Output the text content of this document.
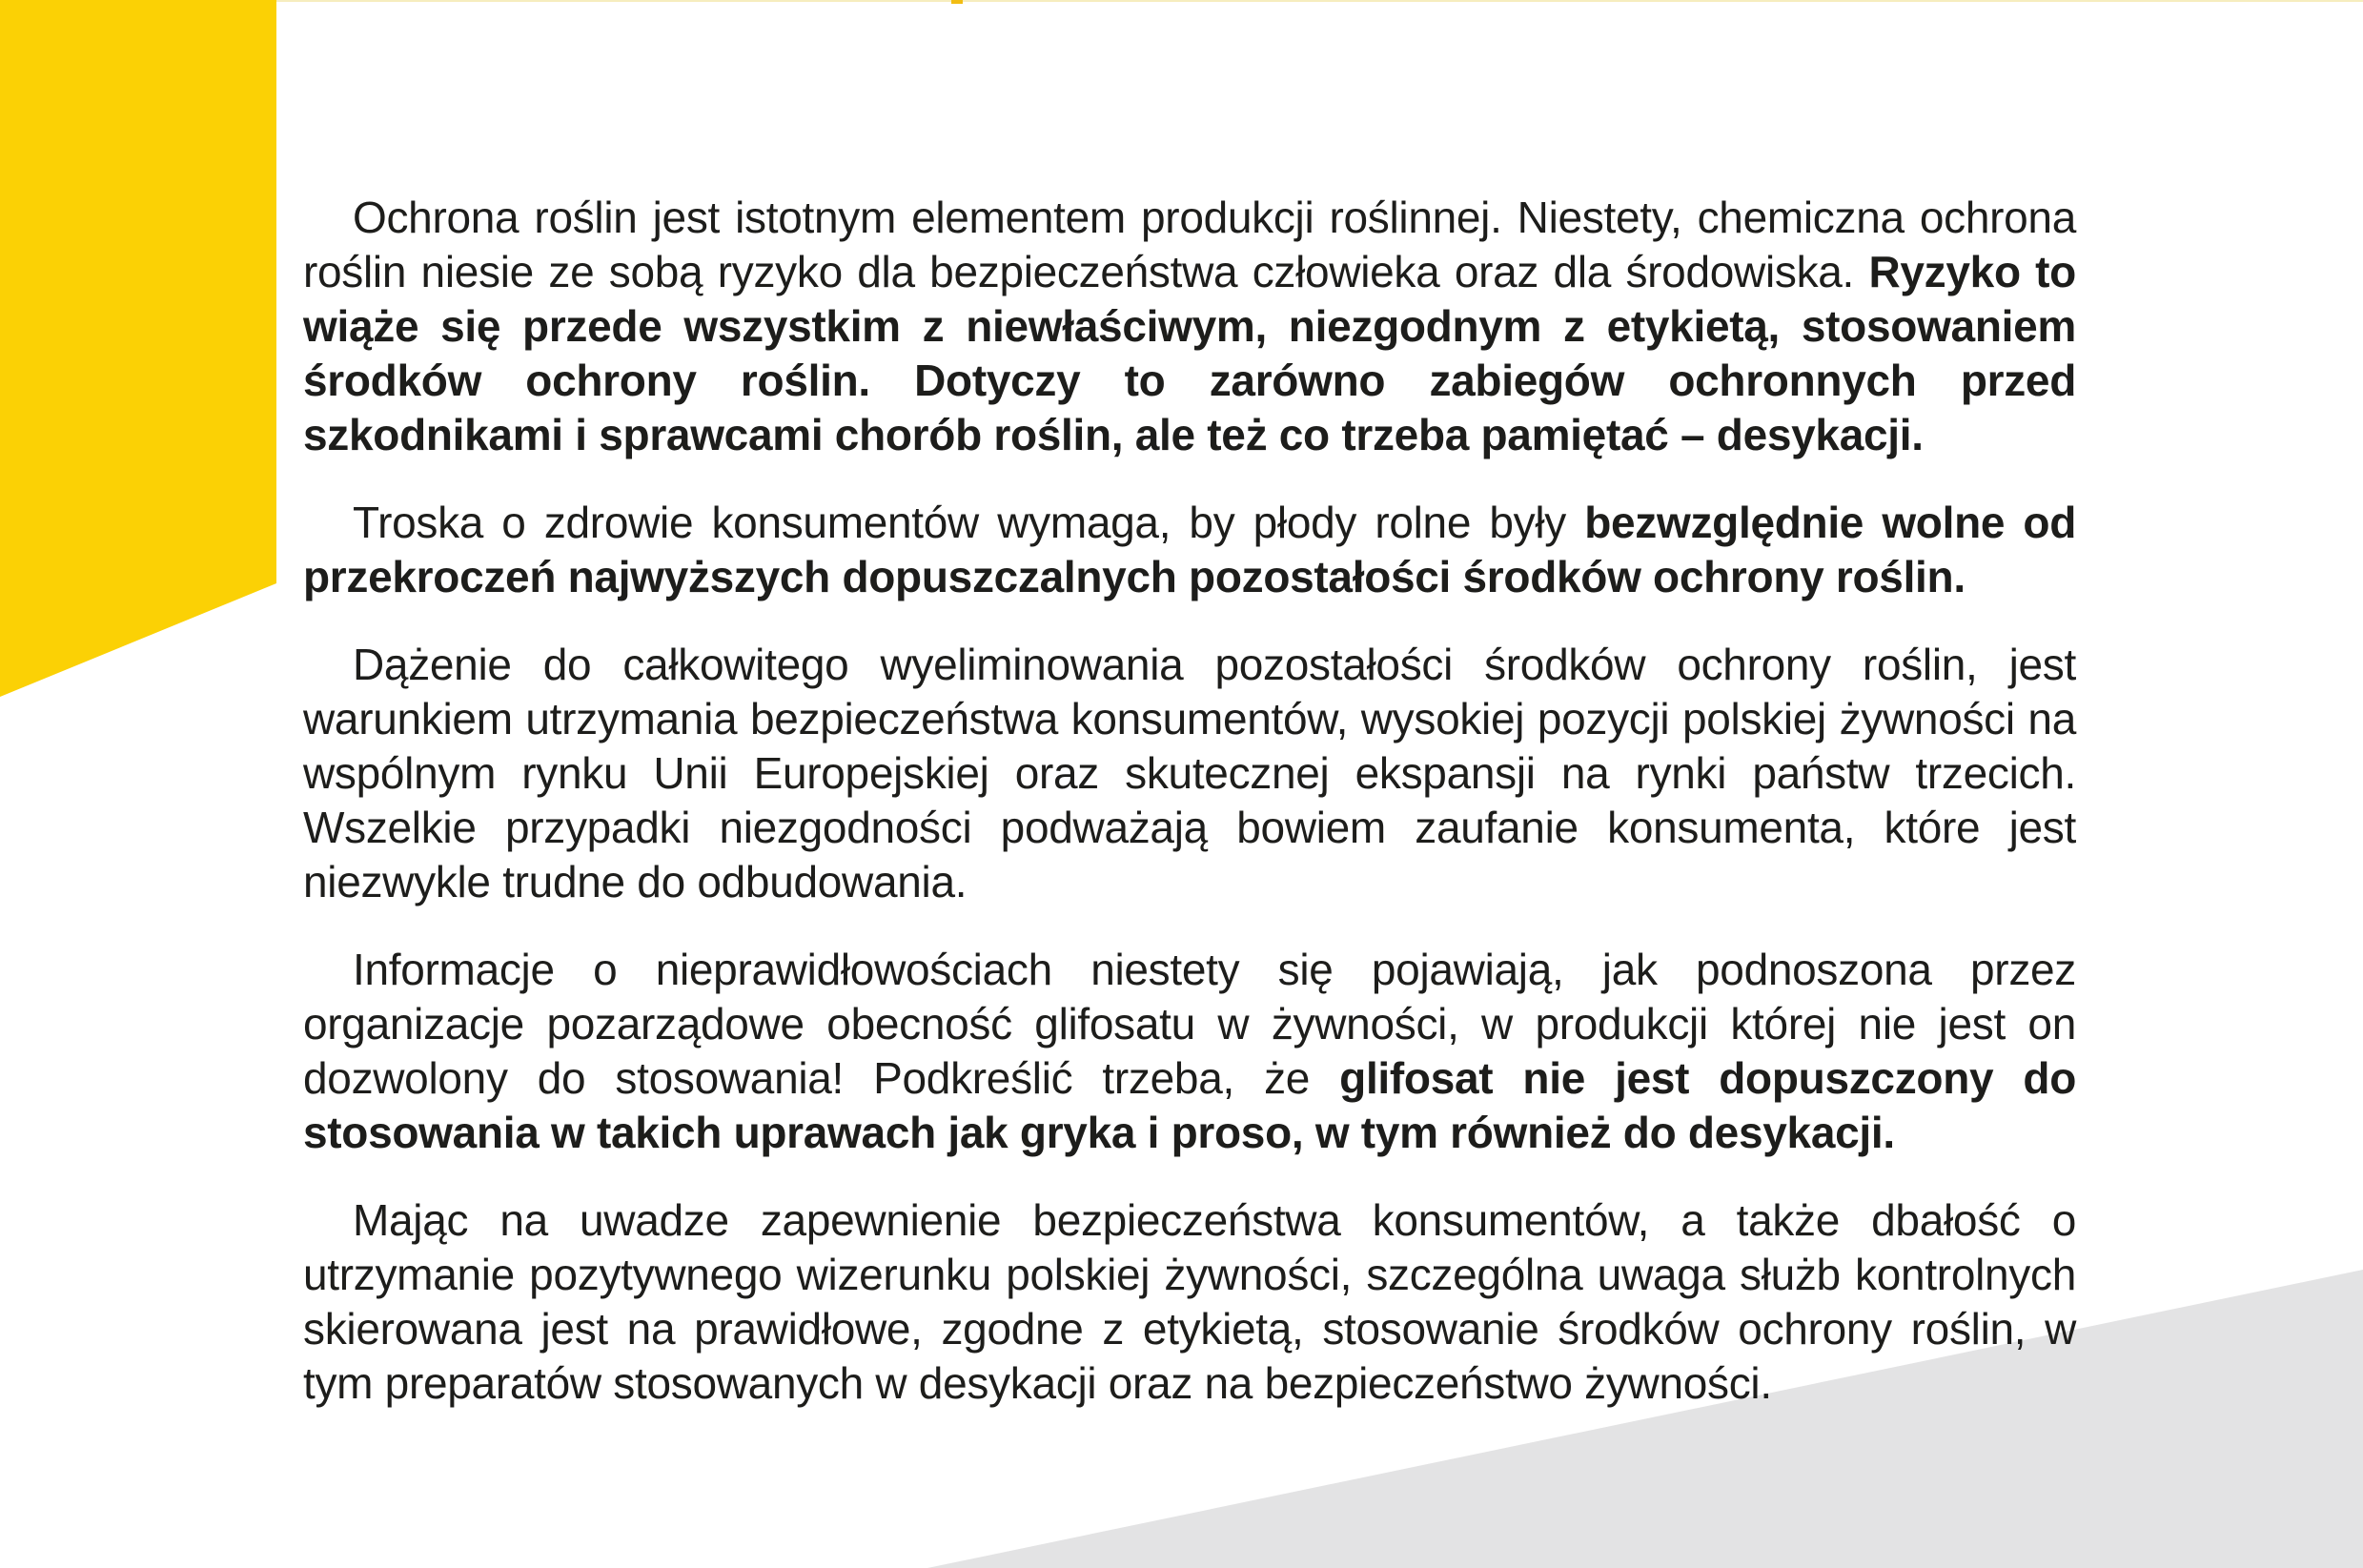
Ochrona roślin jest istotnym elementem produkcji roślinnej. Niestety, chemiczna ochrona roślin niesie ze sobą ryzyko dla bezpieczeństwa człowieka oraz dla środowiska. Ryzyko to wiąże się przede wszystkim z niewłaściwym, niezgodnym z etykietą, stosowaniem środków ochrony roślin. Dotyczy to zarówno zabiegów ochronnych przed szkodnikami i sprawcami chorób roślin, ale też co trzeba pamiętać – desykacji.

Troska o zdrowie konsumentów wymaga, by płody rolne były bezwzględnie wolne od przekroczeń najwyższych dopuszczalnych pozostałości środków ochrony roślin.

Dążenie do całkowitego wyeliminowania pozostałości środków ochrony roślin, jest warunkiem utrzymania bezpieczeństwa konsumentów, wysokiej pozycji polskiej żywności na wspólnym rynku Unii Europejskiej oraz skutecznej ekspansji na rynki państw trzecich. Wszelkie przypadki niezgodności podważają bowiem zaufanie konsumenta, które jest niezwykle trudne do odbudowania.

Informacje o nieprawidłowościach niestety się pojawiają, jak podnoszona przez organizacje pozarządowe obecność glifosatu w żywności, w produkcji której nie jest on dozwolony do stosowania! Podkreślić trzeba, że glifosat nie jest dopuszczony do stosowania w takich uprawach jak gryka i proso, w tym również do desykacji.

Mając na uwadze zapewnienie bezpieczeństwa konsumentów, a także dbałość o utrzymanie pozytywnego wizerunku polskiej żywności, szczególna uwaga służb kontrolnych skierowana jest na prawidłowe, zgodne z etykietą, stosowanie środków ochrony roślin, w tym preparatów stosowanych w desykacji oraz na bezpieczeństwo żywności.
